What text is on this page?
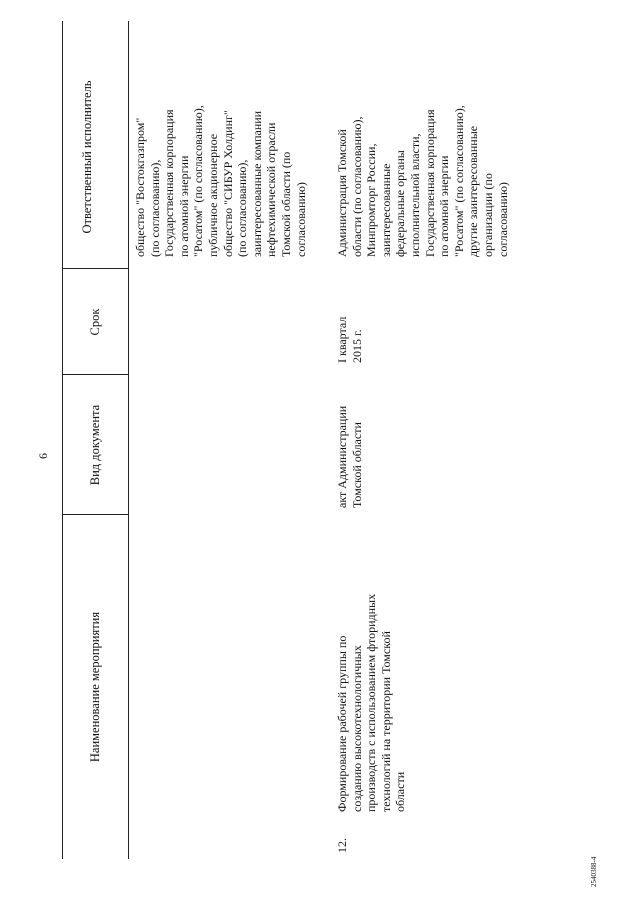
6
Наименование мероприятия
Вид документа
Срок
Ответственный исполнитель	общество "Востокгазпром"
(по согласованию),
Государственная корпорация
по атомной энергии
"Росатом" (по согласованию),
публичное акционерное
общество "СИБУР Холдинг"
(по согласованию),
заинтересованные компании
нефтехимической отрасли
Томской области (по
согласованию)
12.
Формирование рабочей группы по
созданию высокотехнологичных
производств с использованием фторидных
технологий на территории Томской
области
акт Администрации
Томской области
I квартал
2015 г.
Администрация Томской
области (по согласованию),
Минпромторг России,
заинтересованные
федеральные органы
исполнительной власти,
Государственная корпорация
по атомной энергии
"Росатом" (по согласованию),
другие заинтересованные
организации (по
согласованию)
2540388-4
